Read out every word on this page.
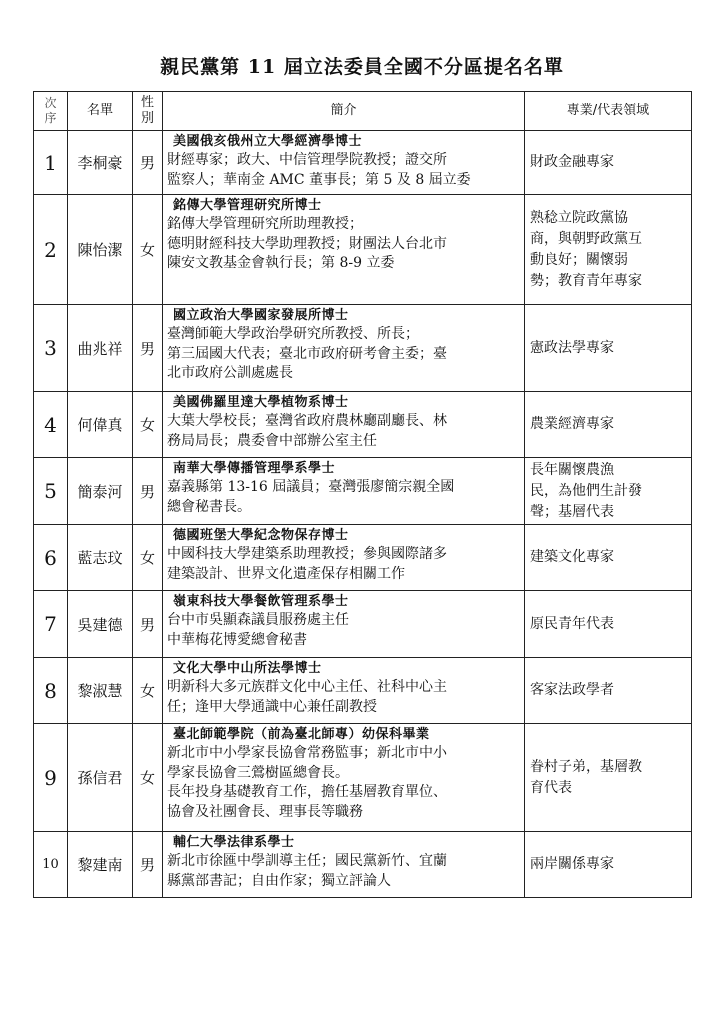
親民黨第 11 屆立法委員全國不分區提名名單
次
序	名單	性
別	簡介	專業/代表領域
1	李桐豪	男	美國俄亥俄州立大學經濟學博士
財經專家；政大、中信管理學院教授；證交所
監察人；華南金 AMC 董事長；第 5 及 8 屆立委	財政金融專家

2	陳怡潔	女	銘傳大學管理研究所博士
銘傳大學管理研究所助理教授；
德明財經科技大學助理教授；財團法人台北市
陳安文教基金會執行長；第 8-9 立委	熟稔立院政黨協
商，與朝野政黨互
動良好；關懷弱
勢；教育青年專家

3	曲兆祥	男	國立政治大學國家發展所博士
臺灣師範大學政治學研究所教授、所長；
第三屆國大代表；臺北市政府研考會主委；臺
北市政府公訓處處長	憲政法學專家

4	何偉真	女	美國佛羅里達大學植物系博士
大葉大學校長；臺灣省政府農林廳副廳長、林
務局局長；農委會中部辦公室主任	農業經濟專家

5	簡泰河	男	南華大學傳播管理學系學士
嘉義縣第 13-16 屆議員；臺灣張廖簡宗親全國
總會秘書長。	長年關懷農漁
民，為他們生計發
聲；基層代表

6	藍志玟	女	德國班堡大學紀念物保存博士
中國科技大學建築系助理教授；參與國際諸多
建築設計、世界文化遺產保存相關工作	建築文化專家

7	吳建德	男	嶺東科技大學餐飲管理系學士
台中市吳顯森議員服務處主任
中華梅花博愛總會秘書	原民青年代表

8	黎淑慧	女	文化大學中山所法學博士
明新科大多元族群文化中心主任、社科中心主
任；逢甲大學通識中心兼任副教授	客家法政學者

9	孫信君	女	臺北師範學院（前為臺北師專）幼保科畢業
新北市中小學家長協會常務監事；新北市中小
學家長協會三鶯樹區總會長。
長年投身基礎教育工作，擔任基層教育單位、
協會及社團會長、理事長等職務	眷村子弟，基層教
育代表

10	黎建南	男	輔仁大學法律系學士
新北市徐匯中學訓導主任；國民黨新竹、宜蘭
縣黨部書記；自由作家；獨立評論人	兩岸關係專家
